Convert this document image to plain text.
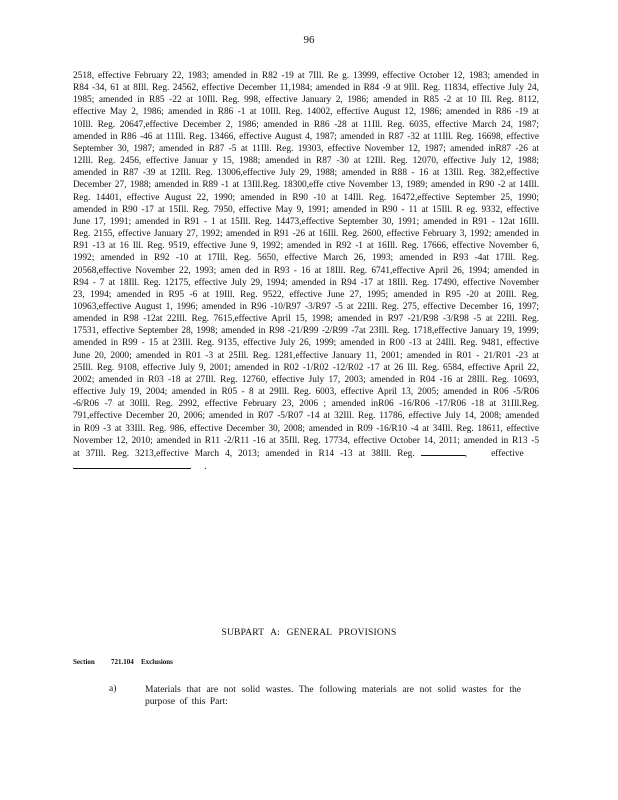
96

2518, effective February 22, 1983; amended in R82 -19 at 7Ill. Re g. 13999, effective October 12, 1983; amended in R84 -34, 61 at 8Ill. Reg. 24562, effective December 11,1984; amended in R84 -9 at 9Ill. Reg. 11834, effective July 24, 1985; amended in R85 -22 at 10Ill. Reg. 998, effective January 2, 1986; amended in R85 -2 at 10 Ill. Reg. 8112, effective May 2, 1986; amended in R86 -1 at 10Ill. Reg. 14002, effective August 12, 1986; amended in R86 -19 at 10Ill. Reg. 20647,effective December 2, 1986; amended in R86 -28 at 11Ill. Reg. 6035, effective March 24, 1987; amended in R86 -46 at 11Ill. Reg. 13466, effective August 4, 1987; amended in R87 -32 at 11Ill. Reg. 16698, effective September 30, 1987; amended in R87 -5 at 11Ill. Reg. 19303, effective November 12, 1987; amended inR87 -26 at 12Ill. Reg. 2456, effective Januar y 15, 1988; amended in R87 -30 at 12Ill. Reg. 12070, effective July 12, 1988; amended in R87 -39 at 12Ill. Reg. 13006,effective July 29, 1988; amended in R88 - 16 at 13Ill. Reg. 382,effective December 27, 1988; amended in R89 -1 at 13Ill.Reg. 18300,effe ctive November 13, 1989; amended in R90 -2 at 14Ill. Reg. 14401, effective August 22, 1990; amended in R90 -10 at 14Ill. Reg. 16472,effective September 25, 1990; amended in R90 -17 at 15Ill. Reg. 7950, effective May 9, 1991; amended in R90 - 11 at 15Ill. R eg. 9332, effective June 17, 1991; amended in R91 - 1 at 15Ill. Reg. 14473,effective September 30, 1991; amended in R91 - 12at 16Ill. Reg. 2155, effective January 27, 1992; amended in R91 -26 at 16Ill. Reg. 2600, effective February 3, 1992; amended in R91 -13 at 16 Ill. Reg. 9519, effective June 9, 1992; amended in R92 -1 at 16Ill. Reg. 17666, effective November 6, 1992; amended in R92 -10 at 17Ill. Reg. 5650, effective March 26, 1993; amended in R93 -4at 17Ill. Reg. 20568,effective November 22, 1993; amen ded in R93 - 16 at 18Ill. Reg. 6741,effective April 26, 1994; amended in R94 - 7 at 18Ill. Reg. 12175, effective July 29, 1994; amended in R94 -17 at 18Ill. Reg. 17490, effective November 23, 1994; amended in R95 -6 at 19Ill. Reg. 9522, effective June 27, 1995; amended in R95 -20 at 20Ill. Reg. 10963,effective August 1, 1996; amended in R96 -10/R97 -3/R97 -5 at 22Ill. Reg. 275, effective December 16, 1997; amended in R98 -12at 22Ill. Reg. 7615,effective April 15, 1998; amended in R97 -21/R98 -3/R98 -5 at 22Ill. Reg. 17531, effective September 28, 1998; amended in R98 -21/R99 -2/R99 -7at 23Ill. Reg. 1718,effective January 19, 1999; amended in R99 - 15 at 23Ill. Reg. 9135, effective July 26, 1999; amended in R00 -13 at 24Ill. Reg. 9481, effective June 20, 2000; amended in R01 -3 at 25Ill. Reg. 1281,effective January 11, 2001; amended in R01 - 21/R01 -23 at 25Ill. Reg. 9108, effective July 9, 2001; amended in R02 -1/R02 -12/R02 -17 at 26 Ill. Reg. 6584, effective April 22, 2002; amended in R03 -18 at 27Ill. Reg. 12760, effective July 17, 2003; amended in R04 -16 at 28Ill. Reg. 10693, effective July 19, 2004; amended in R05 - 8 at 29Ill. Reg. 6003, effective April 13, 2005; amended in R06 -5/R06 -6/R06 -7 at 30Ill. Reg. 2992, effective February 23, 2006 ; amended inR06 -16/R06 -17/R06 -18 at 31Ill.Reg. 791,effective December 20, 2006; amended in R07 -5/R07 -14 at 32Ill. Reg. 11786, effective July 14, 2008; amended in R09 -3 at 33Ill. Reg. 986, effective December 30, 2008; amended in R09 -16/R10 -4 at 34Ill. Reg. 18611, effective November 12, 2010; amended in R11 -2/R11 -16 at 35Ill. Reg. 17734, effective October 14, 2011; amended in R13 -5 at 37Ill. Reg. 3213,effective March 4, 2013; amended in R14 -13 at 38Ill. Reg.	,	effective       .

SUBPART A: GENERAL PROVISIONS
Section 721.104 Exclusions
a)	Materials that are not solid wastes. The following materials are not solid wastes for the purpose of this Part:
